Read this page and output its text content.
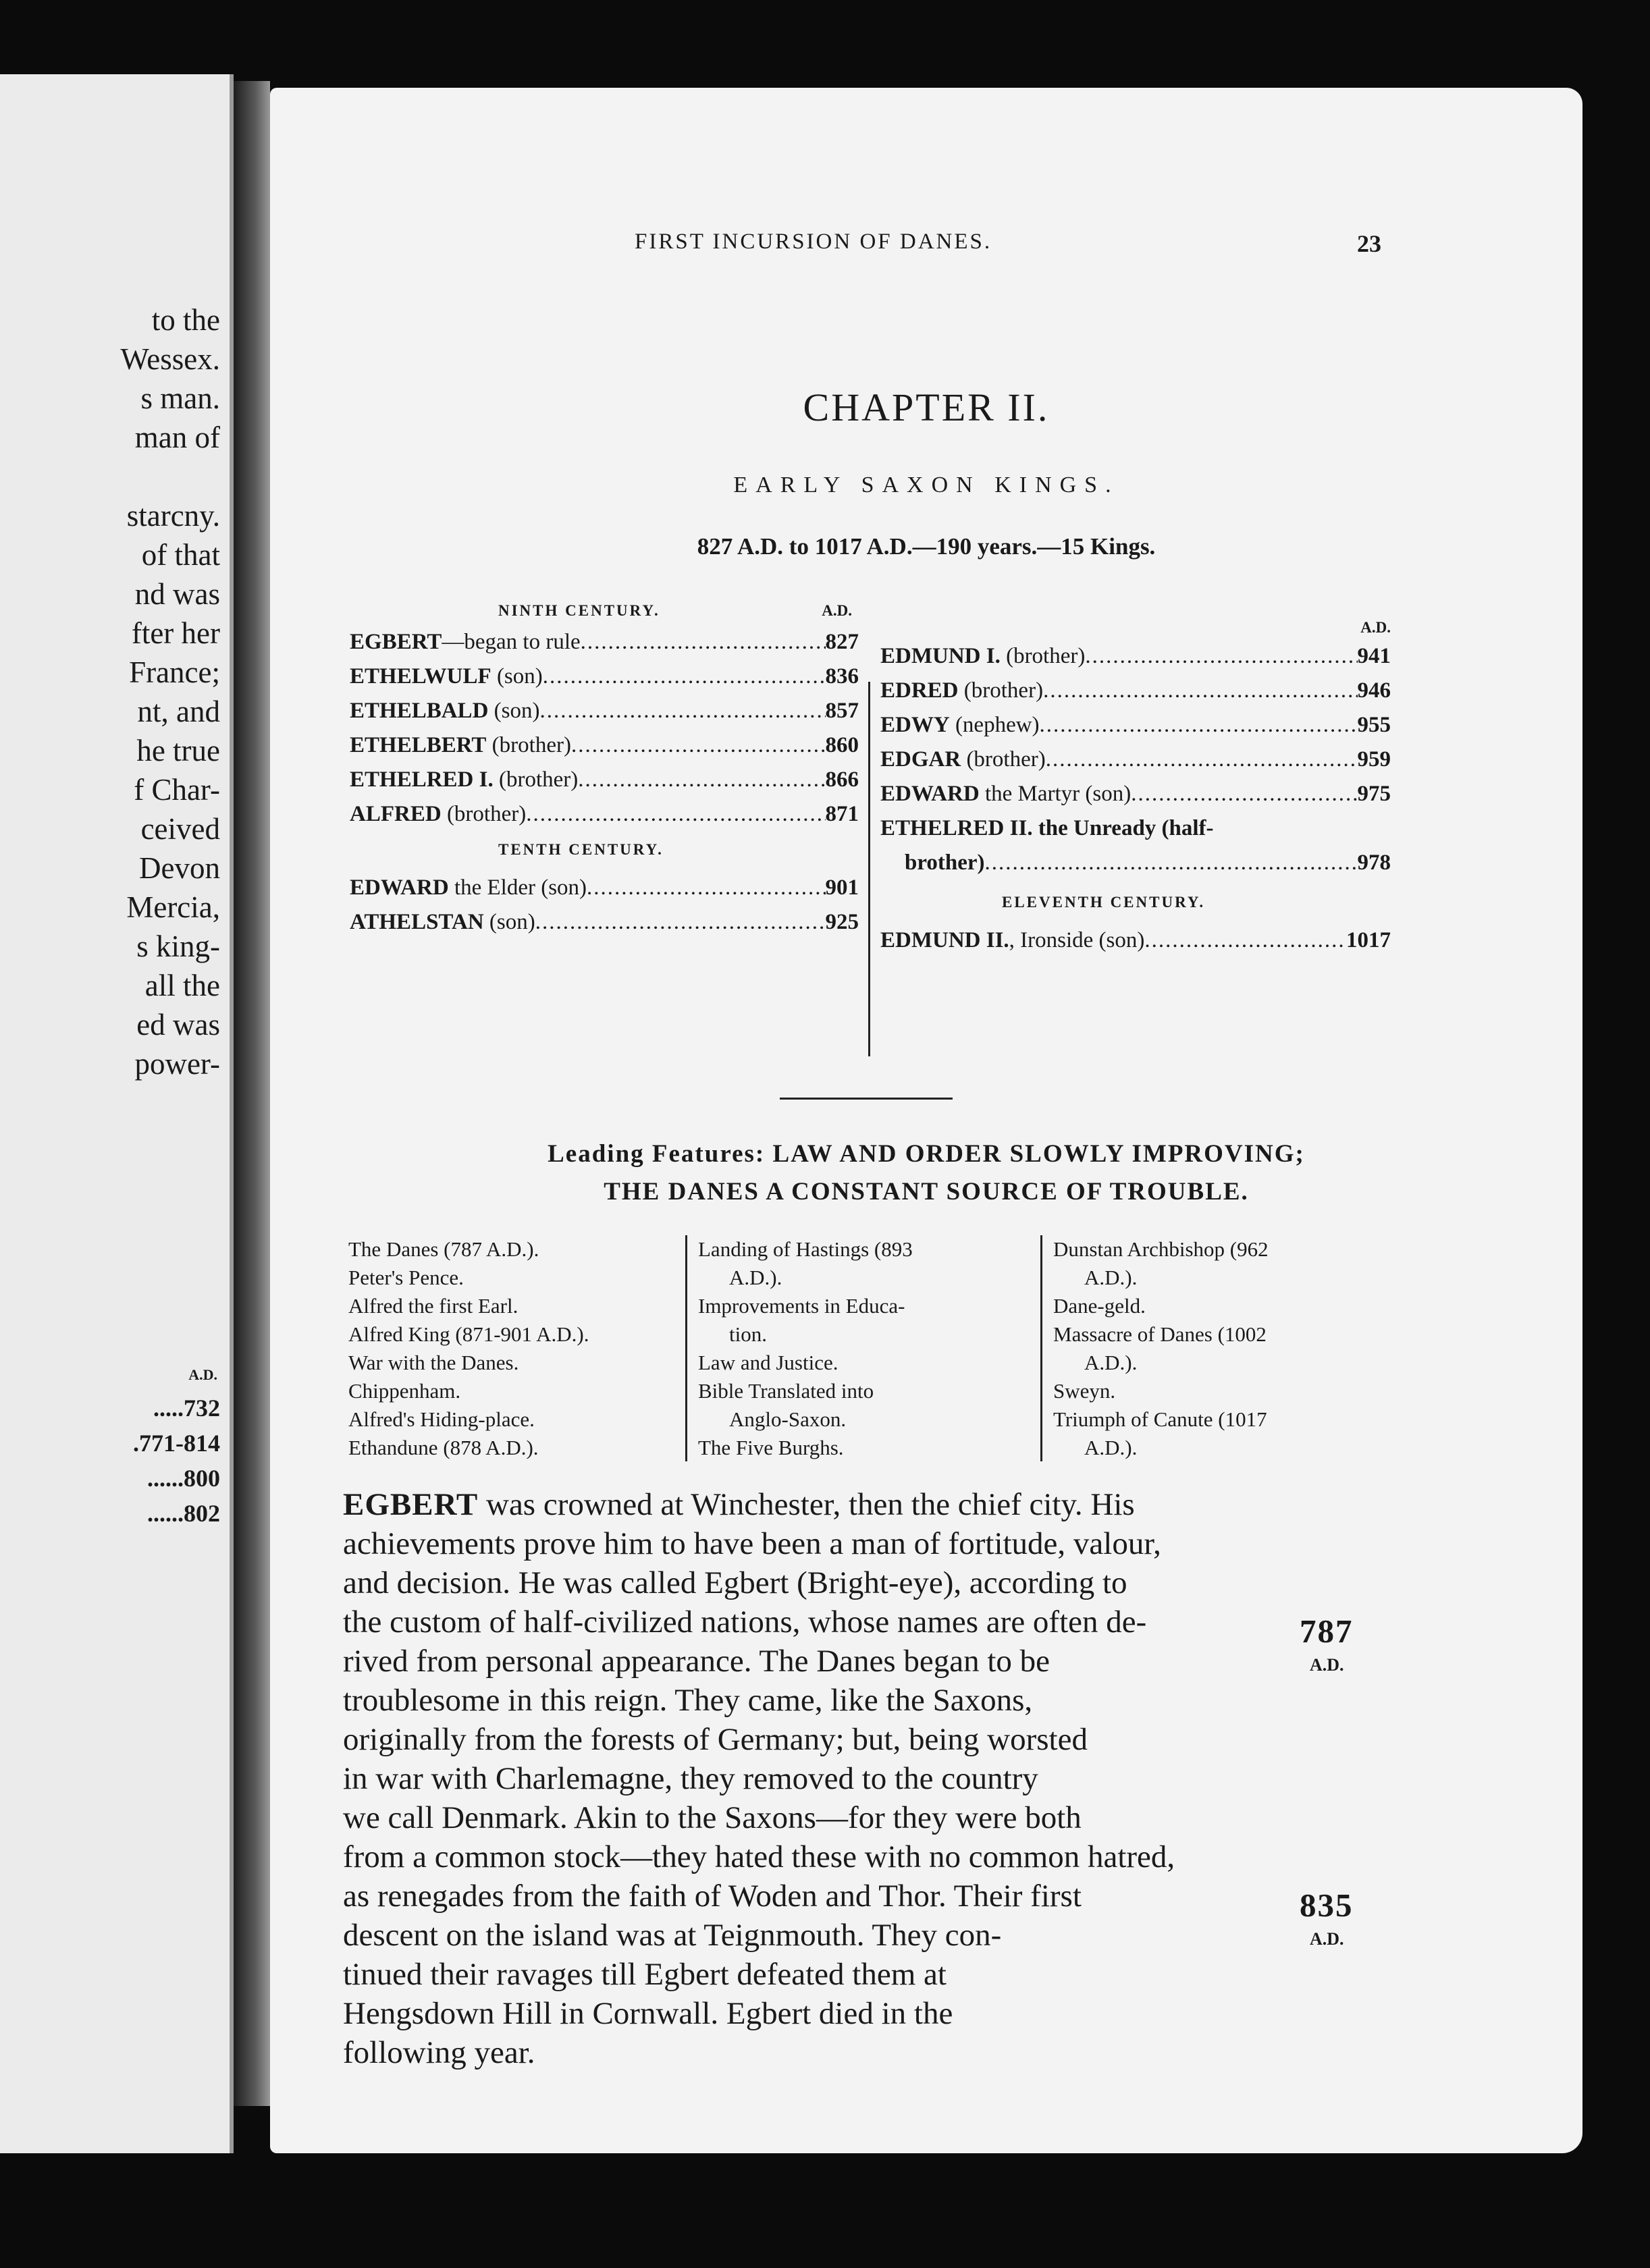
to the
Wessex.
s man.
man of
starcny.
of that
nd was
fter her
France;
nt, and
he true
f Char-
ceived
Devon
Mercia,
s king-
all the
ed was
power-
A.D.
.....732
.771-814
......800
......802
FIRST INCURSION OF DANES.	23
CHAPTER II.
EARLY SAXON KINGS.
827 A.D. to 1017 A.D.—190 years.—15 Kings.
NINTH CENTURY.	A.D.
EGBERT —began to rule .....	827
ETHELWULF (son) .....	836
ETHELBALD (son) .....	857
ETHELBERT (brother) .....	860
ETHELRED I. (brother) .....	866
ALFRED (brother) .....	871
TENTH CENTURY.
EDWARD the Elder (son) .....	901
ATHELSTAN (son) .....	925
A.D.
EDMUND I. (brother) .....	941
EDRED (brother) .....	946
EDWY (nephew) .....	955
EDGAR (brother) .....	959
EDWARD the Martyr (son) .....	975
ETHELRED II. the Unready (half-
brother) .....	978
ELEVENTH CENTURY.
EDMUND II. , Ironside (son) .....	1017
Leading Features: LAW AND ORDER SLOWLY IMPROVING;
THE DANES A CONSTANT SOURCE OF TROUBLE.
The Danes (787 A.D.).
Peter's Pence.
Alfred the first Earl.
Alfred King (871-901 A.D.).
War with the Danes.
Chippenham.
Alfred's Hiding-place.
Ethandune (878 A.D.).
Landing of Hastings (893
A.D.).
Improvements in Educa-
tion.
Law and Justice.
Bible Translated into
Anglo-Saxon.
The Five Burghs.
Dunstan Archbishop (962
A.D.).
Dane-geld.
Massacre of Danes (1002
A.D.).
Sweyn.
Triumph of Canute (1017
A.D.).
EGBERT was crowned at Winchester, then the chief city. His
achievements prove him to have been a man of fortitude, valour,
and decision. He was called Egbert (Bright-eye), according to
the custom of half-civilized nations, whose names are often de-
rived from personal appearance. The Danes began to be
troublesome in this reign. They came, like the Saxons,
originally from the forests of Germany; but, being worsted
in war with Charlemagne, they removed to the country
we call Denmark. Akin to the Saxons—for they were both
from a common stock—they hated these with no common hatred,
as renegades from the faith of Woden and Thor. Their first
descent on the island was at Teignmouth. They con-
tinued their ravages till Egbert defeated them at
Hengsdown Hill in Cornwall. Egbert died in the
following year.
787
A.D.
835
A.D.
